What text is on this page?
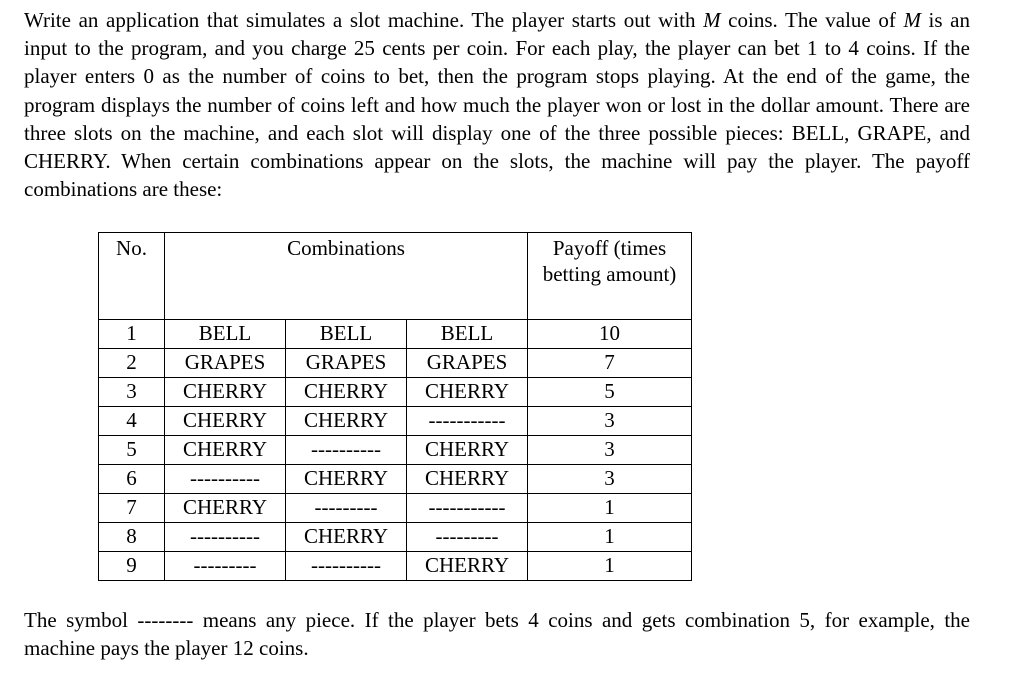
Write an application that simulates a slot machine. The player starts out with M coins. The value of M is an input to the program, and you charge 25 cents per coin. For each play, the player can bet 1 to 4 coins. If the player enters 0 as the number of coins to bet, then the program stops playing. At the end of the game, the program displays the number of coins left and how much the player won or lost in the dollar amount. There are three slots on the machine, and each slot will display one of the three possible pieces: BELL, GRAPE, and CHERRY. When certain combinations appear on the slots, the machine will pay the player. The payoff combinations are these:

No.	Combinations			Payoff (times betting amount)
1	BELL	BELL	BELL	10
2	GRAPES	GRAPES	GRAPES	7
3	CHERRY	CHERRY	CHERRY	5
4	CHERRY	CHERRY	-----------	3
5	CHERRY	----------	CHERRY	3
6	----------	CHERRY	CHERRY	3
7	CHERRY	---------	-----------	1
8	----------	CHERRY	---------	1
9	---------	----------	CHERRY	1

The symbol -------- means any piece. If the player bets 4 coins and gets combination 5, for example, the machine pays the player 12 coins.
